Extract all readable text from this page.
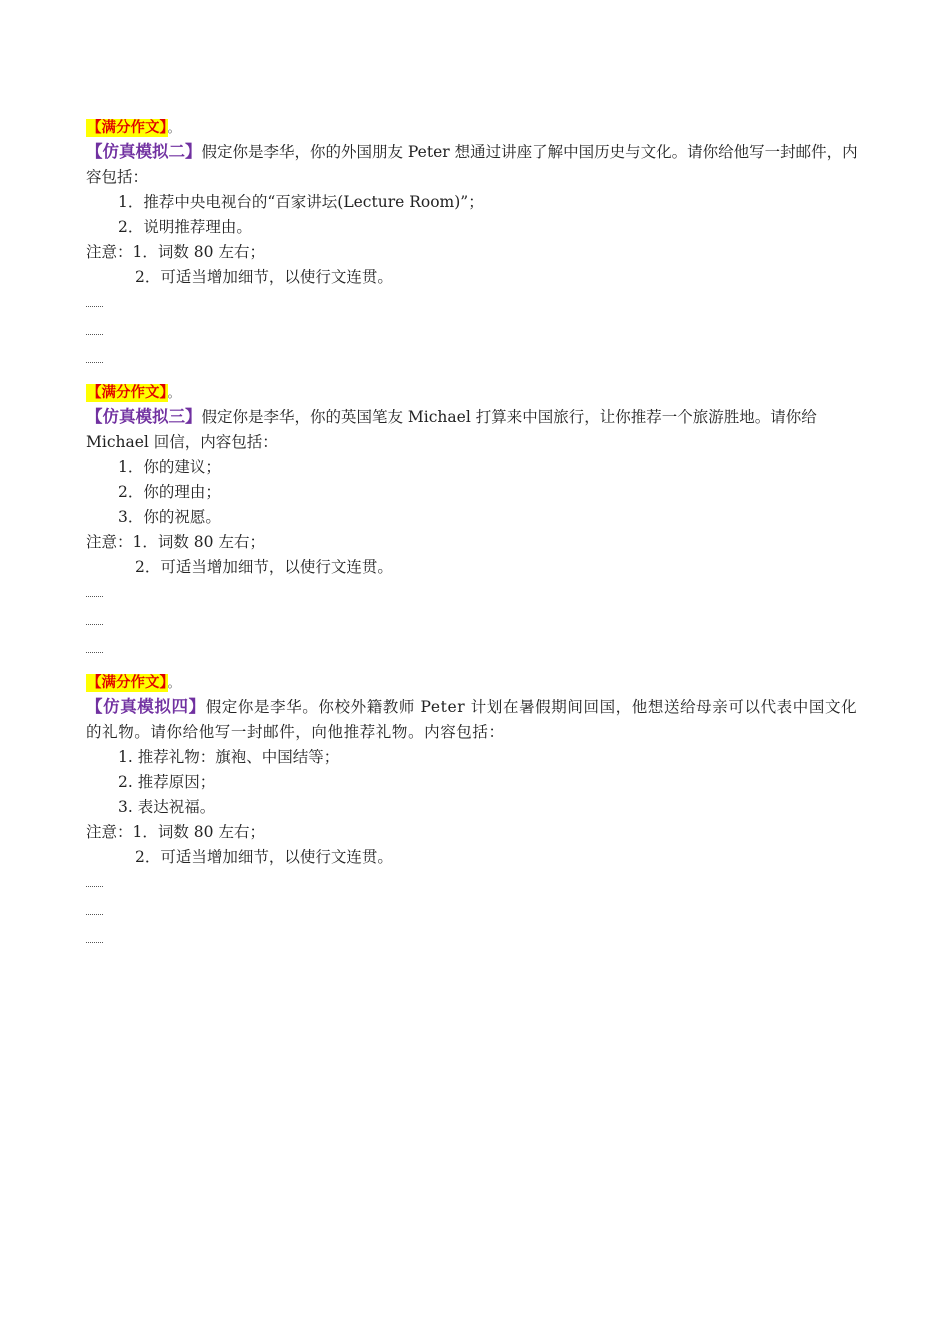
【满分作文】。
【仿真模拟二】假定你是李华，你的外国朋友 Peter 想通过讲座了解中国历史与文化。请你给他写一封邮件，内容包括：
1．推荐中央电视台的“百家讲坛(Lecture Room)”；
2．说明推荐理由。
注意：1．词数 80 左右；
2．可适当增加细节，以使行文连贯。
【满分作文】。
【仿真模拟三】假定你是李华，你的英国笔友 Michael 打算来中国旅行，让你推荐一个旅游胜地。请你给 Michael 回信，内容包括：
1．你的建议；
2．你的理由；
3．你的祝愿。
注意：1．词数 80 左右；
2．可适当增加细节，以使行文连贯。
【满分作文】。
【仿真模拟四】假定你是李华。你校外籍教师 Peter 计划在暑假期间回国，他想送给母亲可以代表中国文化的礼物。请你给他写一封邮件，向他推荐礼物。内容包括：
1. 推荐礼物：旗袍、中国结等；
2. 推荐原因；
3. 表达祝福。
注意：1．词数 80 左右；
2．可适当增加细节，以使行文连贯。
